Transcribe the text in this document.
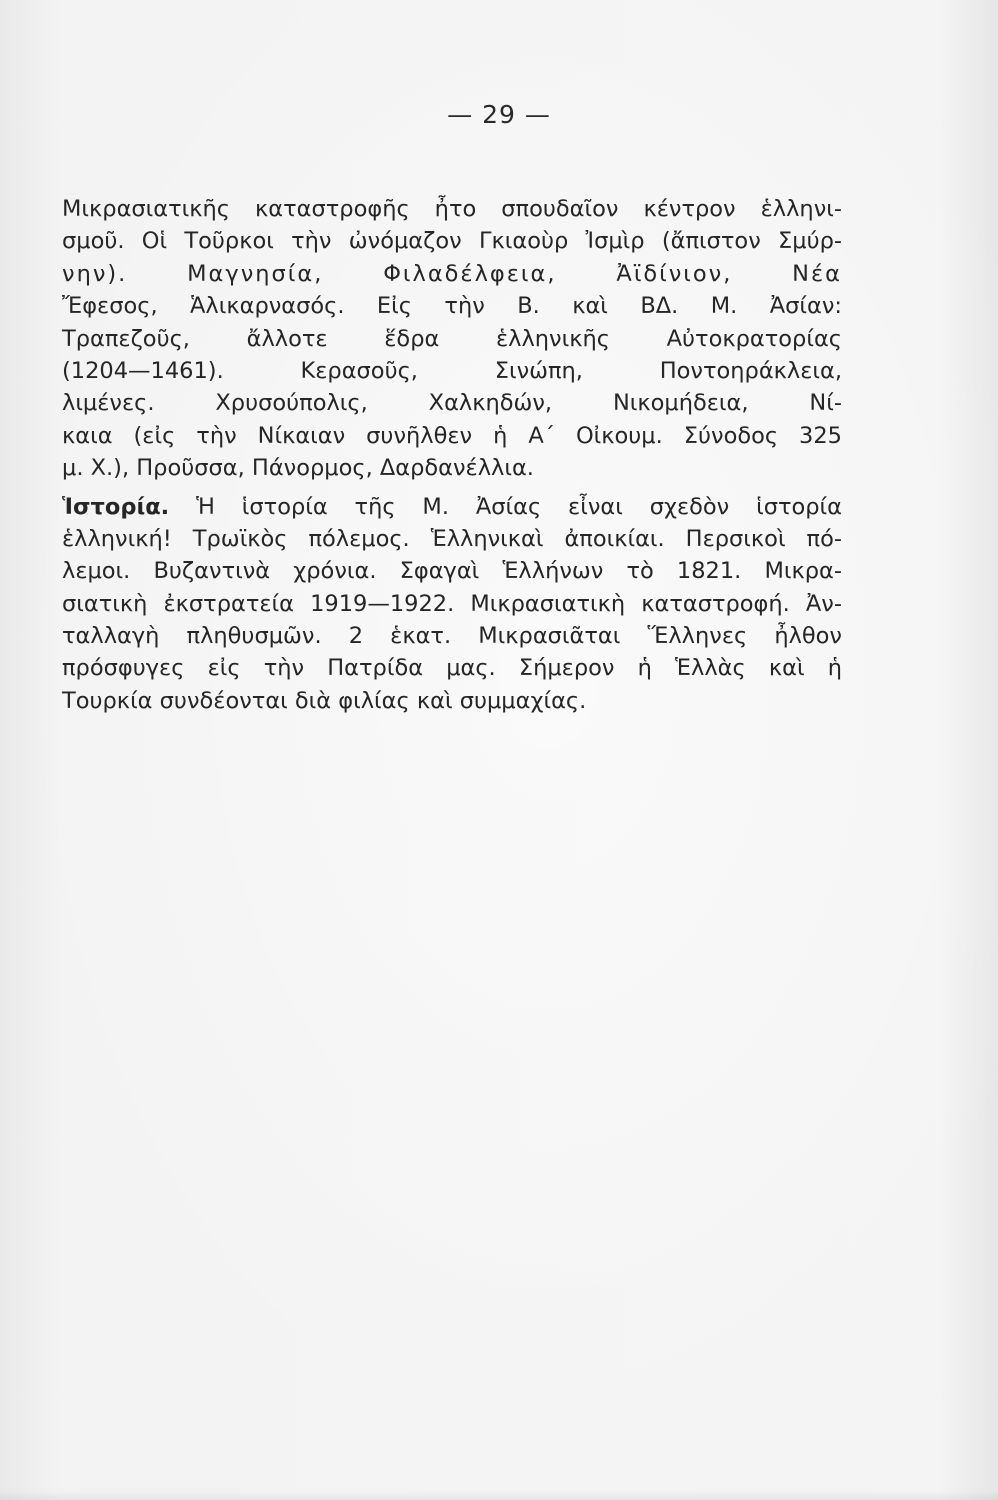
— 29 —
Μικρασιατικῆς καταστροφῆς ἦτο σπουδαῖον κέντρον ἑλληνι-
σμοῦ. Οἱ Τοῦρκοι τὴν ὠνόμαζον Γκιαοὺρ Ἰσμὶρ (ἄπιστον Σμύρ-
νην). Μαγνησία, Φιλαδέλφεια, Ἀϊδίνιον, Νέα
Ἔφεσος, Ἁλικαρνασός. Εἰς τὴν Β. καὶ ΒΔ. Μ. Ἀσίαν:
Τραπεζοῦς, ἄλλοτε ἕδρα ἑλληνικῆς Αὐτοκρατορίας
(1204—1461). Κερασοῦς, Σινώπη, Ποντοηράκλεια,
λιμένες. Χρυσούπολις, Χαλκηδών, Νικομήδεια, Νί-
καια (εἰς τὴν Νίκαιαν συνῆλθεν ἡ Α΄ Οἰκουμ. Σύνοδος 325
μ. Χ.), Προῦσσα, Πάνορμος, Δαρδανέλλια.
Ἱστορία. Ἡ ἱστορία τῆς Μ. Ἀσίας εἶναι σχεδὸν ἱστορία
ἑλληνική! Τρωϊκὸς πόλεμος. Ἑλληνικαὶ ἀποικίαι. Περσικοὶ πό-
λεμοι. Βυζαντινὰ χρόνια. Σφαγαὶ Ἑλλήνων τὸ 1821. Μικρα-
σιατικὴ ἐκστρατεία 1919—1922. Μικρασιατικὴ καταστροφή. Ἀν-
ταλλαγὴ πληθυσμῶν. 2 ἑκατ. Μικρασιᾶται Ἕλληνες ἦλθον
πρόσφυγες εἰς τὴν Πατρίδα μας. Σήμερον ἡ Ἑλλὰς καὶ ἡ
Τουρκία συνδέονται διὰ φιλίας καὶ συμμαχίας.
